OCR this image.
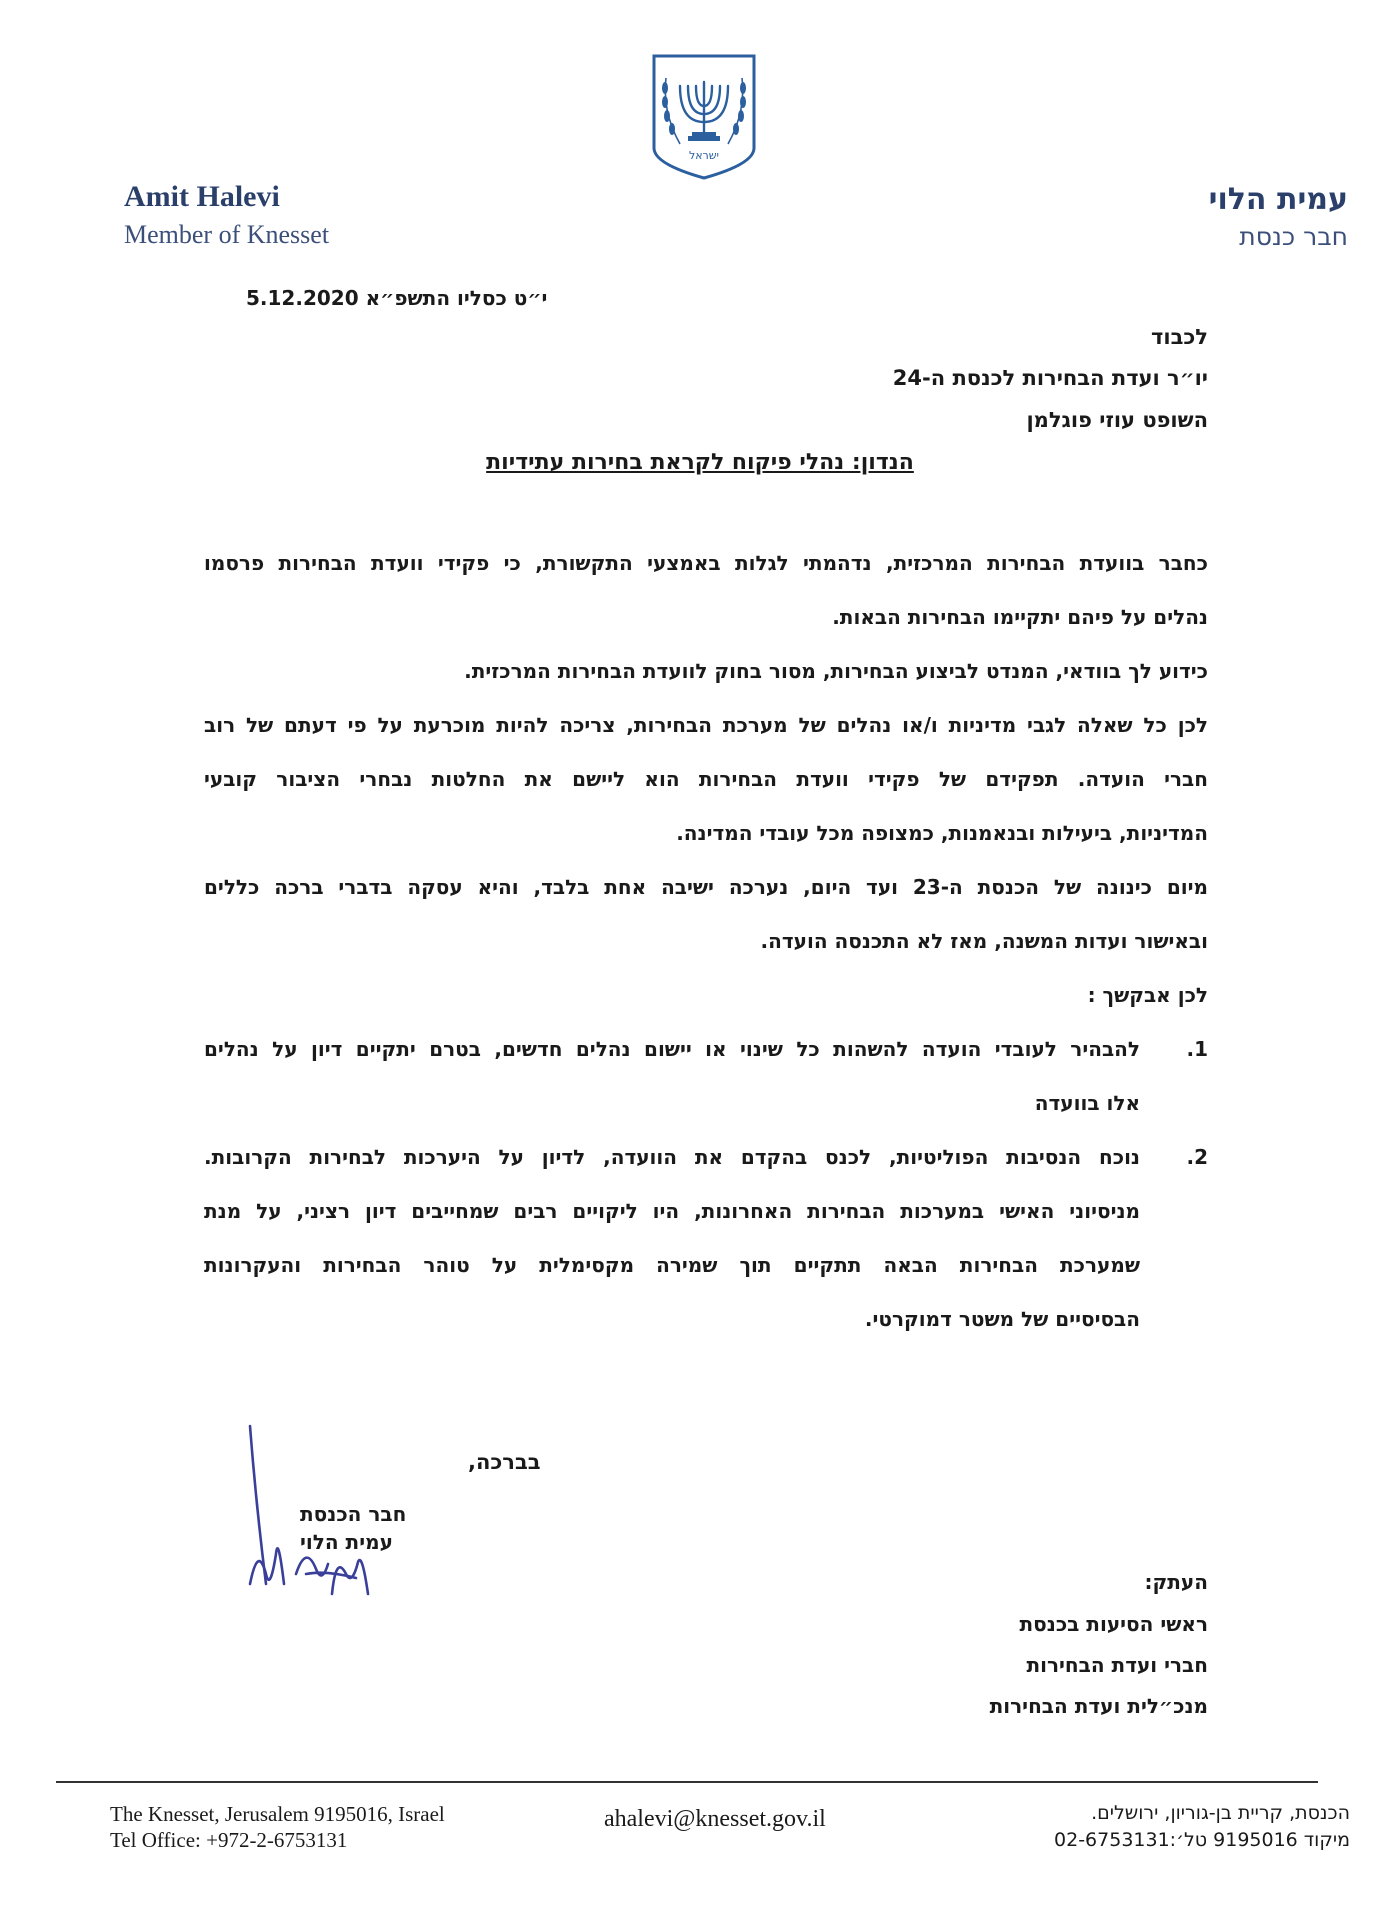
ישראל
Amit Halevi
Member of Knesset
עמית הלוי
חבר כנסת
י״ט כסליו התשפ״א 5.12.2020
לכבוד
יו״ר ועדת הבחירות לכנסת ה-24
השופט עוזי פוגלמן
הנדון: נהלי פיקוח לקראת בחירות עתידיות
כחבר בוועדת הבחירות המרכזית, נדהמתי לגלות באמצעי התקשורת, כי פקידי וועדת הבחירות פרסמו
נהלים על פיהם יתקיימו הבחירות הבאות.
כידוע לך בוודאי, המנדט לביצוע הבחירות, מסור בחוק לוועדת הבחירות המרכזית.
לכן כל שאלה לגבי מדיניות ו/או נהלים של מערכת הבחירות, צריכה להיות מוכרעת על פי דעתם של רוב
חברי הועדה. תפקידם של פקידי וועדת הבחירות הוא ליישם את החלטות נבחרי הציבור קובעי
המדיניות, ביעילות ובנאמנות, כמצופה מכל עובדי המדינה.
מיום כינונה של הכנסת ה-23 ועד היום, נערכה ישיבה אחת בלבד, והיא עסקה בדברי ברכה כללים
ובאישור ועדות המשנה, מאז לא התכנסה הועדה.
לכן אבקשך :
1.
להבהיר לעובדי הועדה להשהות כל שינוי או יישום נהלים חדשים, בטרם יתקיים דיון על נהלים
אלו בוועדה
2.
נוכח הנסיבות הפוליטיות, לכנס בהקדם את הוועדה, לדיון על היערכות לבחירות הקרובות.
מניסיוני האישי במערכות הבחירות האחרונות, היו ליקויים רבים שמחייבים דיון רציני, על מנת
שמערכת הבחירות הבאה תתקיים תוך שמירה מקסימלית על טוהר הבחירות והעקרונות
הבסיסיים של משטר דמוקרטי.
בברכה,
חבר הכנסת
עמית הלוי
העתק:
ראשי הסיעות בכנסת
חברי ועדת הבחירות
מנכ״לית ועדת הבחירות
The Knesset, Jerusalem 9195016, Israel
Tel Office: +972-2-6753131
ahalevi@knesset.gov.il	הכנסת, קריית בן-גוריון, ירושלים.
מיקוד 9195016 טל׳:02-6753131
